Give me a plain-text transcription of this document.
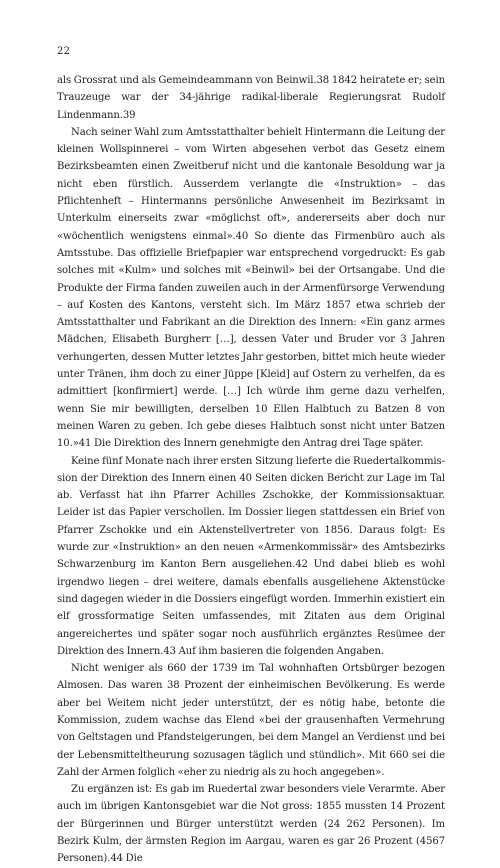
22

als Grossrat und als Gemeindeammann von Beinwil.38 1842 heiratete er; sein Trauzeuge war der 34-jährige radikal-liberale Regierungsrat Rudolf Lindenmann.39

Nach seiner Wahl zum Amtsstatthalter behielt Hintermann die Leitung der kleinen Wollspinnerei – vom Wirten abgesehen verbot das Gesetz einem Bezirksbeamten einen Zweitberuf nicht und die kantonale Besoldung war ja nicht eben fürstlich. Ausserdem verlangte die «Instruktion» – das Pflichtenheft – Hintermanns persönliche Anwesenheit im Bezirksamt in Unterkulm einerseits zwar «möglichst oft», andererseits aber doch nur «wöchentlich wenigstens einmal».40 So diente das Firmenbüro auch als Amtsstube. Das offizielle Briefpapier war entsprechend vorgedruckt: Es gab solches mit «Kulm» und solches mit «Beinwil» bei der Ortsangabe. Und die Produkte der Firma fanden zuweilen auch in der Armenfürsorge Verwendung – auf Kosten des Kantons, versteht sich. Im März 1857 etwa schrieb der Amtsstatthalter und Fabrikant an die Direktion des Innern: «Ein ganz armes Mädchen, Elisabeth Burgherr […], dessen Vater und Bruder vor 3 Jahren verhungerten, dessen Mutter letztes Jahr gestorben, bittet mich heute wieder unter Tränen, ihm doch zu einer Jüppe [Kleid] auf Ostern zu verhelfen, da es admittiert [konfirmiert] werde. […] Ich würde ihm gerne dazu verhelfen, wenn Sie mir bewilligten, derselben 10 Ellen Halbtuch zu Batzen 8 von meinen Waren zu geben. Ich gebe dieses Halbtuch sonst nicht unter Batzen 10.»41 Die Direktion des Innern genehmigte den Antrag drei Tage später.

Keine fünf Monate nach ihrer ersten Sitzung lieferte die Ruedertalkommission der Direktion des Innern einen 40 Seiten dicken Bericht zur Lage im Tal ab. Verfasst hat ihn Pfarrer Achilles Zschokke, der Kommissionsaktuar. Leider ist das Papier verschollen. Im Dossier liegen stattdessen ein Brief von Pfarrer Zschokke und ein Aktenstellvertreter von 1856. Daraus folgt: Es wurde zur «Instruktion» an den neuen «Armenkommissär» des Amtsbezirks Schwarzenburg im Kanton Bern ausgeliehen.42 Und dabei blieb es wohl irgendwo liegen – drei weitere, damals ebenfalls ausgeliehene Aktenstücke sind dagegen wieder in die Dossiers eingefügt worden. Immerhin existiert ein elf grossformatige Seiten umfassendes, mit Zitaten aus dem Original angereichertes und später sogar noch ausführlich ergänztes Resümee der Direktion des Innern.43 Auf ihm basieren die folgenden Angaben.

Nicht weniger als 660 der 1739 im Tal wohnhaften Ortsbürger bezogen Almosen. Das waren 38 Prozent der einheimischen Bevölkerung. Es werde aber bei Weitem nicht jeder unterstützt, der es nötig habe, betonte die Kommission, zudem wachse das Elend «bei der grausenhaften Vermehrung von Geltstagen und Pfandsteigerungen, bei dem Mangel an Verdienst und bei der Lebensmitteltheurung sozusagen täglich und stündlich». Mit 660 sei die Zahl der Armen folglich «eher zu niedrig als zu hoch angegeben».

Zu ergänzen ist: Es gab im Ruedertal zwar besonders viele Verarmte. Aber auch im übrigen Kantonsgebiet war die Not gross: 1855 mussten 14 Prozent der Bürgerinnen und Bürger unterstützt werden (24 262 Personen). Im Bezirk Kulm, der ärmsten Region im Aargau, waren es gar 26 Prozent (4567 Personen).44 Die
